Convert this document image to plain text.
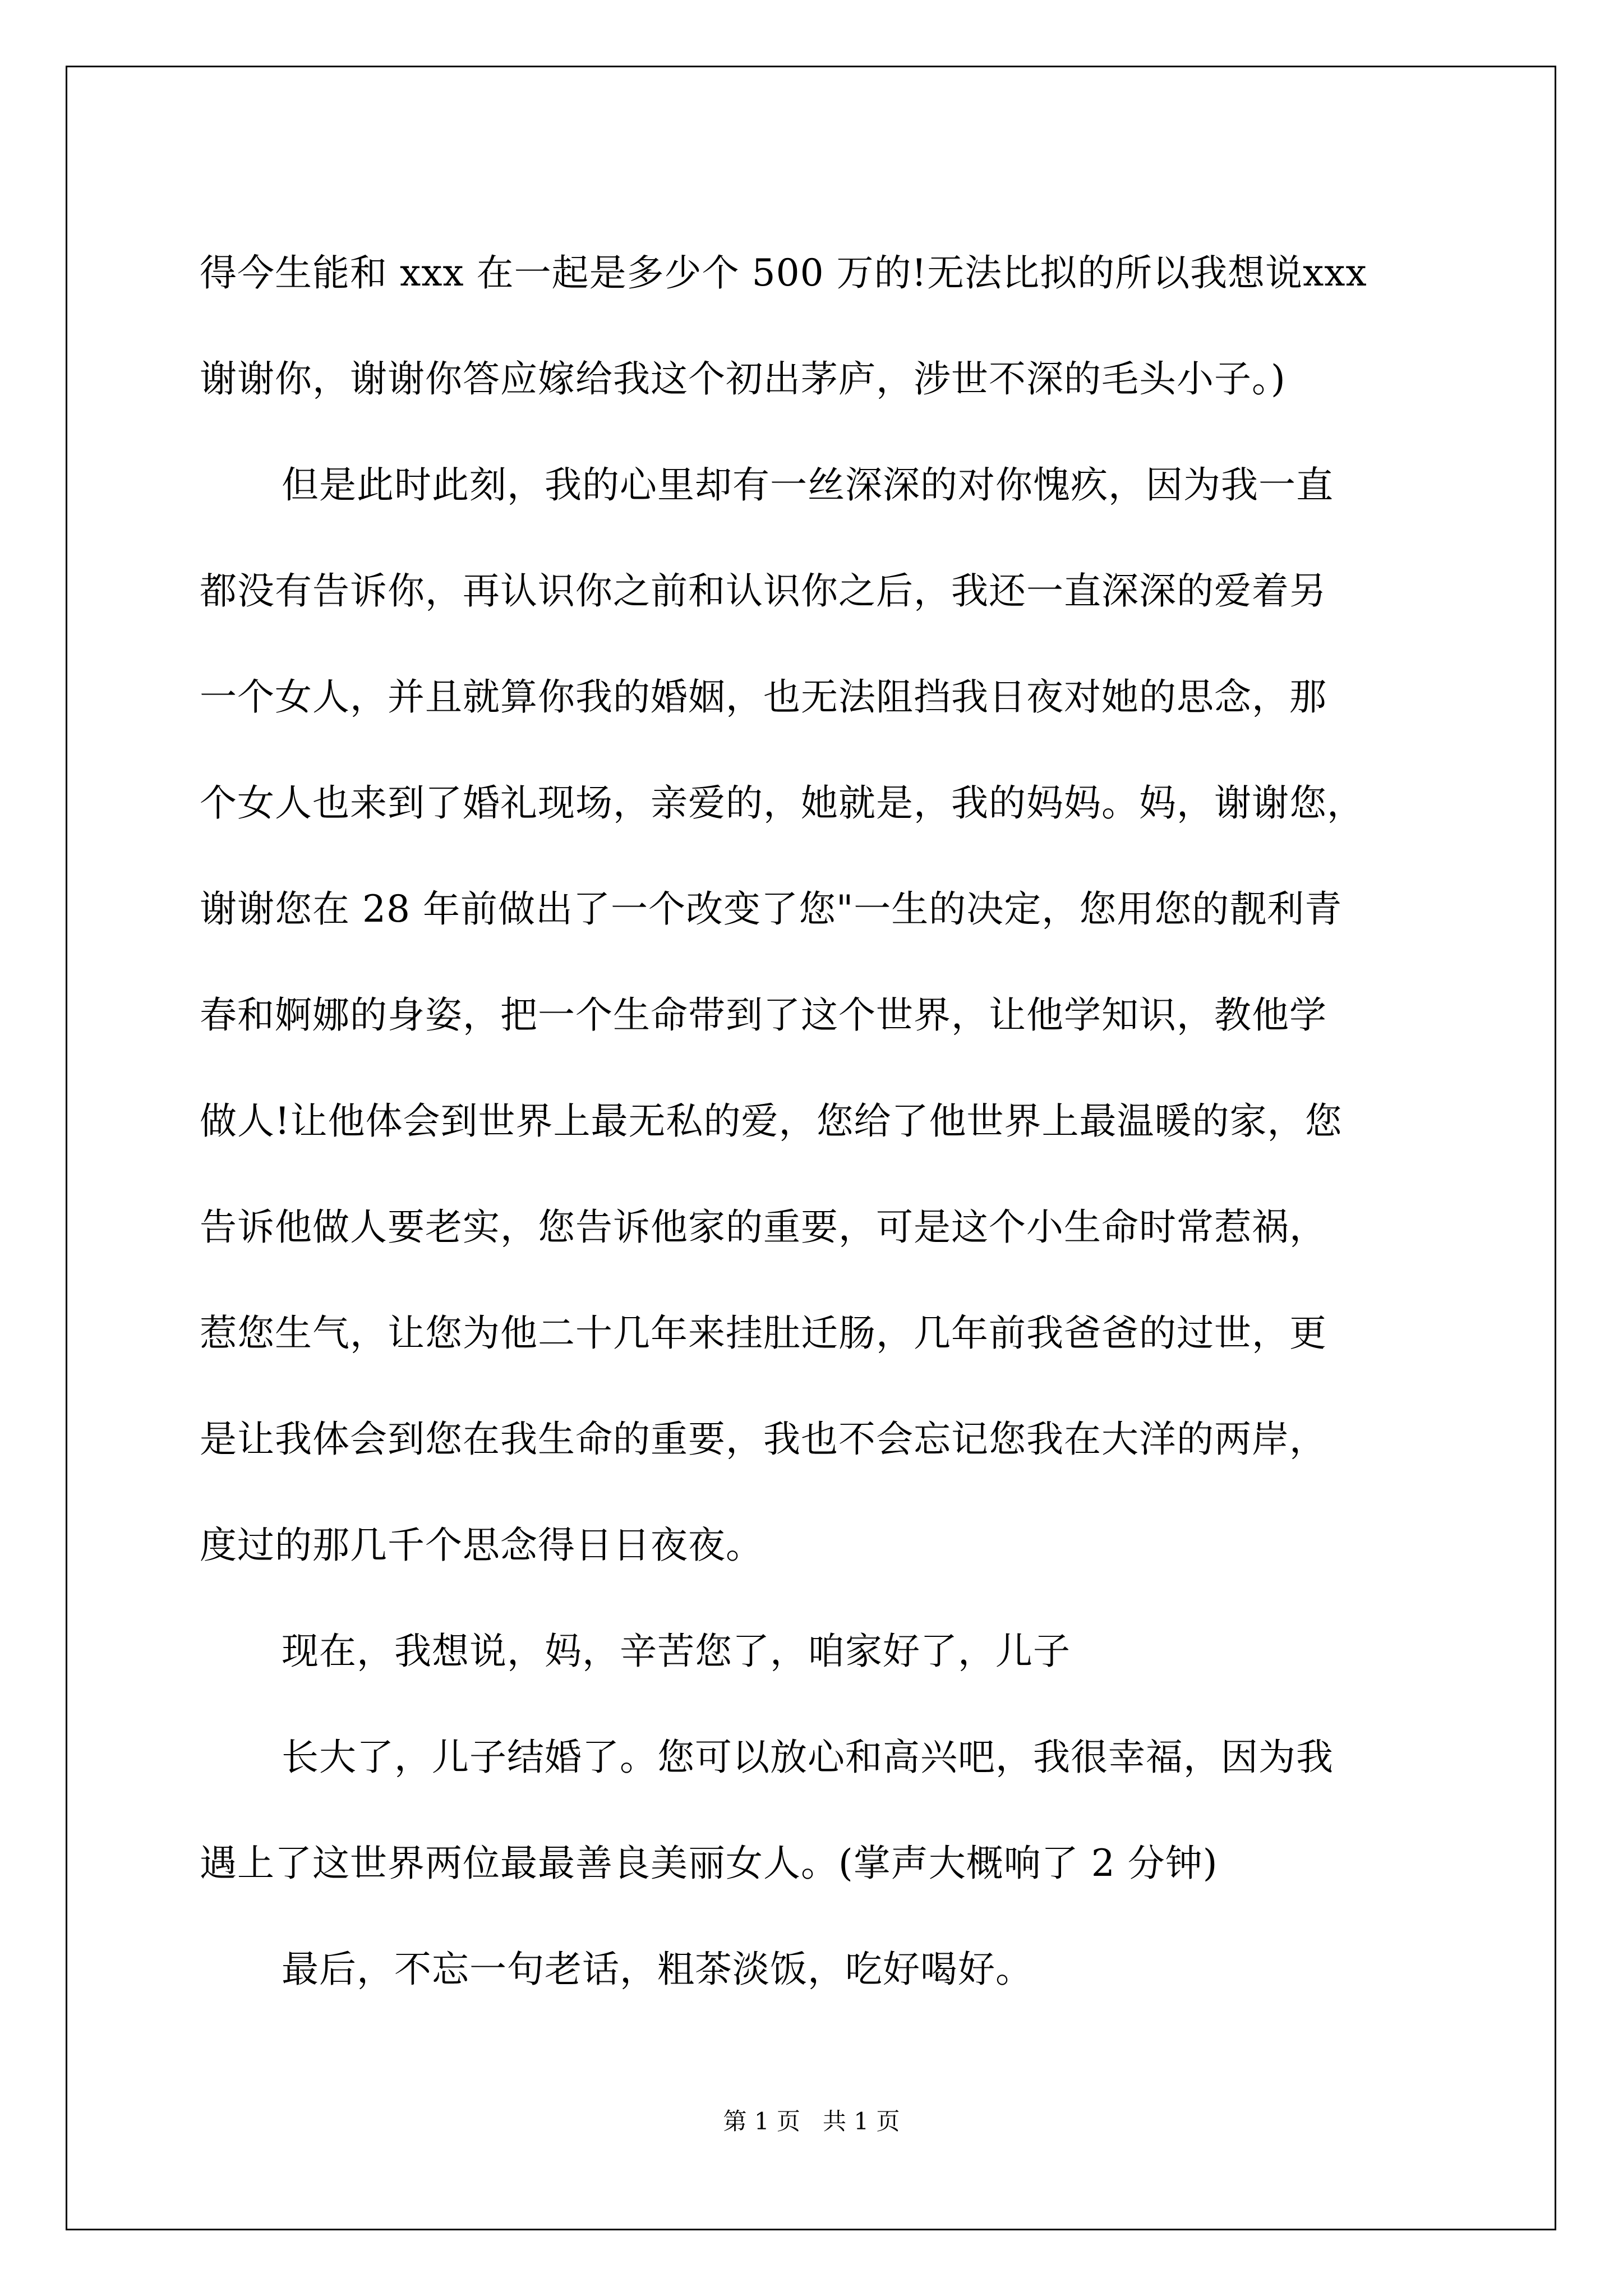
得今生能和 xxx 在一起是多少个 500 万的!无法比拟的所以我想说xxx
谢谢你，谢谢你答应嫁给我这个初出茅庐，涉世不深的毛头小子。)
但是此时此刻，我的心里却有一丝深深的对你愧疚，因为我一直
都没有告诉你，再认识你之前和认识你之后，我还一直深深的爱着另
一个女人，并且就算你我的婚姻，也无法阻挡我日夜对她的思念，那
个女人也来到了婚礼现场，亲爱的，她就是，我的妈妈。妈，谢谢您，
谢谢您在 28 年前做出了一个改变了您"一生的决定，您用您的靓利青
春和婀娜的身姿，把一个生命带到了这个世界，让他学知识，教他学
做人!让他体会到世界上最无私的爱，您给了他世界上最温暖的家，您
告诉他做人要老实，您告诉他家的重要，可是这个小生命时常惹祸，
惹您生气，让您为他二十几年来挂肚迁肠，几年前我爸爸的过世，更
是让我体会到您在我生命的重要，我也不会忘记您我在大洋的两岸，
度过的那几千个思念得日日夜夜。
现在，我想说，妈，辛苦您了，咱家好了，儿子
长大了，儿子结婚了。您可以放心和高兴吧，我很幸福，因为我
遇上了这世界两位最最善良美丽女人。(掌声大概响了 2 分钟)
最后，不忘一句老话，粗茶淡饭，吃好喝好。
第 1 页   共 1 页
